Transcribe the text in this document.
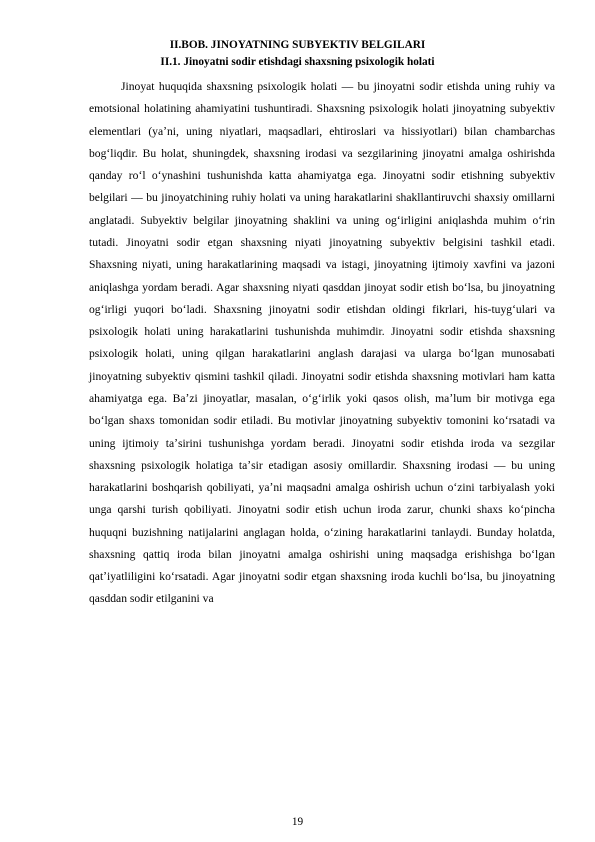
II.BOB. JINOYATNING SUBYEKTIV BELGILARI
II.1. Jinoyatni sodir etishdagi shaxsning psixologik holati

Jinoyat huquqida shaxsning psixologik holati — bu jinoyatni sodir etishda uning ruhiy va emotsional holatining ahamiyatini tushuntiradi. Shaxsning psixologik holati jinoyatning subyektiv elementlari (yaʼni, uning niyatlari, maqsadlari, ehtiroslari va hissiyotlari) bilan chambarchas bogʻliqdir. Bu holat, shuningdek, shaxsning irodasi va sezgilarining jinoyatni amalga oshirishda qanday roʻl oʻynashini tushunishda katta ahamiyatga ega. Jinoyatni sodir etishning subyektiv belgilari — bu jinoyatchining ruhiy holati va uning harakatlarini shakllantiruvchi shaxsiy omillarni anglatadi. Subyektiv belgilar jinoyatning shaklini va uning ogʻirligini aniqlashda muhim oʻrin tutadi. Jinoyatni sodir etgan shaxsning niyati jinoyatning subyektiv belgisini tashkil etadi. Shaxsning niyati, uning harakatlarining maqsadi va istagi, jinoyatning ijtimoiy xavfini va jazoni aniqlashga yordam beradi. Agar shaxsning niyati qasddan jinoyat sodir etish boʻlsa, bu jinoyatning ogʻirligi yuqori boʻladi. Shaxsning jinoyatni sodir etishdan oldingi fikrlari, his-tuygʻulari va psixologik holati uning harakatlarini tushunishda muhimdir. Jinoyatni sodir etishda shaxsning psixologik holati, uning qilgan harakatlarini anglash darajasi va ularga boʻlgan munosabati jinoyatning subyektiv qismini tashkil qiladi. Jinoyatni sodir etishda shaxsning motivlari ham katta ahamiyatga ega. Baʼzi jinoyatlar, masalan, oʻgʻirlik yoki qasos olish, maʼlum bir motivga ega boʻlgan shaxs tomonidan sodir etiladi. Bu motivlar jinoyatning subyektiv tomonini koʻrsatadi va uning ijtimoiy taʼsirini tushunishga yordam beradi. Jinoyatni sodir etishda iroda va sezgilar shaxsning psixologik holatiga taʼsir etadigan asosiy omillardir. Shaxsning irodasi — bu uning harakatlarini boshqarish qobiliyati, yaʼni maqsadni amalga oshirish uchun oʻzini tarbiyalash yoki unga qarshi turish qobiliyati. Jinoyatni sodir etish uchun iroda zarur, chunki shaxs koʻpincha huquqni buzishning natijalarini anglagan holda, oʻzining harakatlarini tanlaydi. Bunday holatda, shaxsning qattiq iroda bilan jinoyatni amalga oshirishi uning maqsadga erishishga boʻlgan qatʼiyatliligini koʻrsatadi. Agar jinoyatni sodir etgan shaxsning iroda kuchli boʻlsa, bu jinoyatning qasddan sodir etilganini va

19
